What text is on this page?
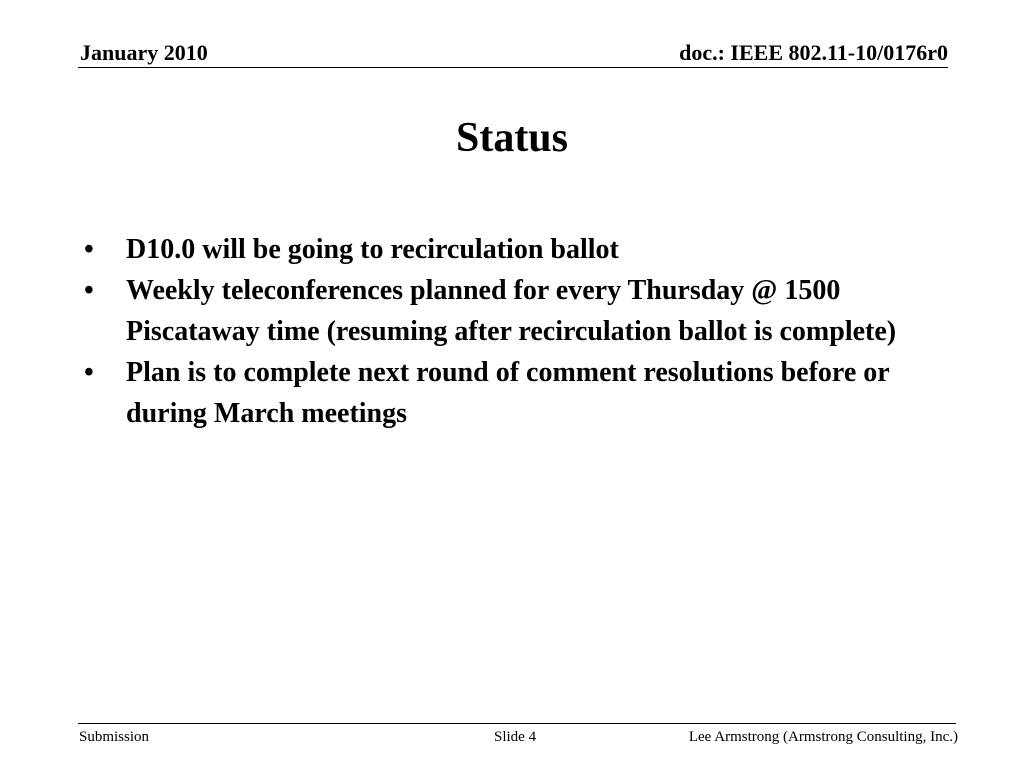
January 2010	doc.: IEEE 802.11-10/0176r0
Status
•	D10.0 will be going to recirculation ballot
•	Weekly teleconferences planned for every Thursday @ 1500 Piscataway time (resuming after recirculation ballot is complete)
•	Plan is to complete next round of comment resolutions before or during March meetings
Submission	Slide 4	Lee Armstrong (Armstrong Consulting, Inc.)
